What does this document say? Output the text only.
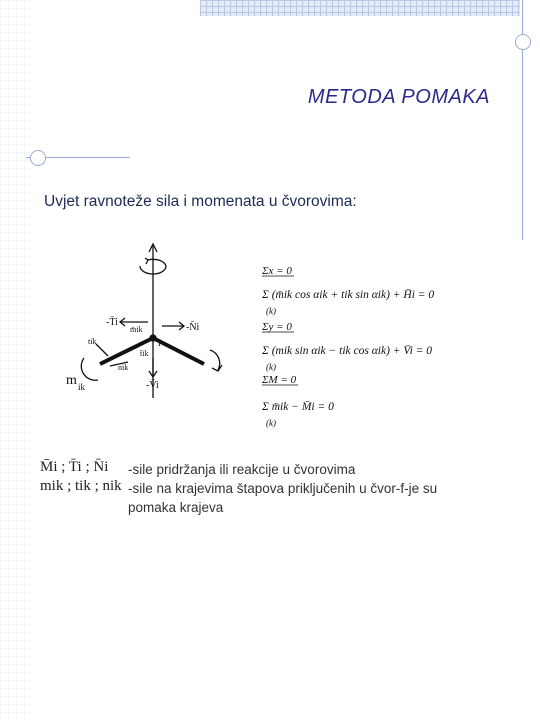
METODA POMAKA
Uvjet ravnoteže sila i momenata u čvorovima:
-T̄i	-N̄i
-V̄i
i
tik
nik
m̄ik
t̄ik
m ik
Σx = 0
Σ (m̄ik cos αik + tik sin αik) + H̄i = 0
(k)
Σy = 0
Σ (mik sin αik − tik cos αik) + V̄i = 0
(k)
ΣM = 0
Σ m̄ik − M̄i = 0
(k)
M̄i ; T̄i ; N̄i
mik ; tik ; nik
-sile pridržanja ili reakcije u čvorovima
-sile na krajevima štapova priključenih u čvor-f-je su
pomaka krajeva
